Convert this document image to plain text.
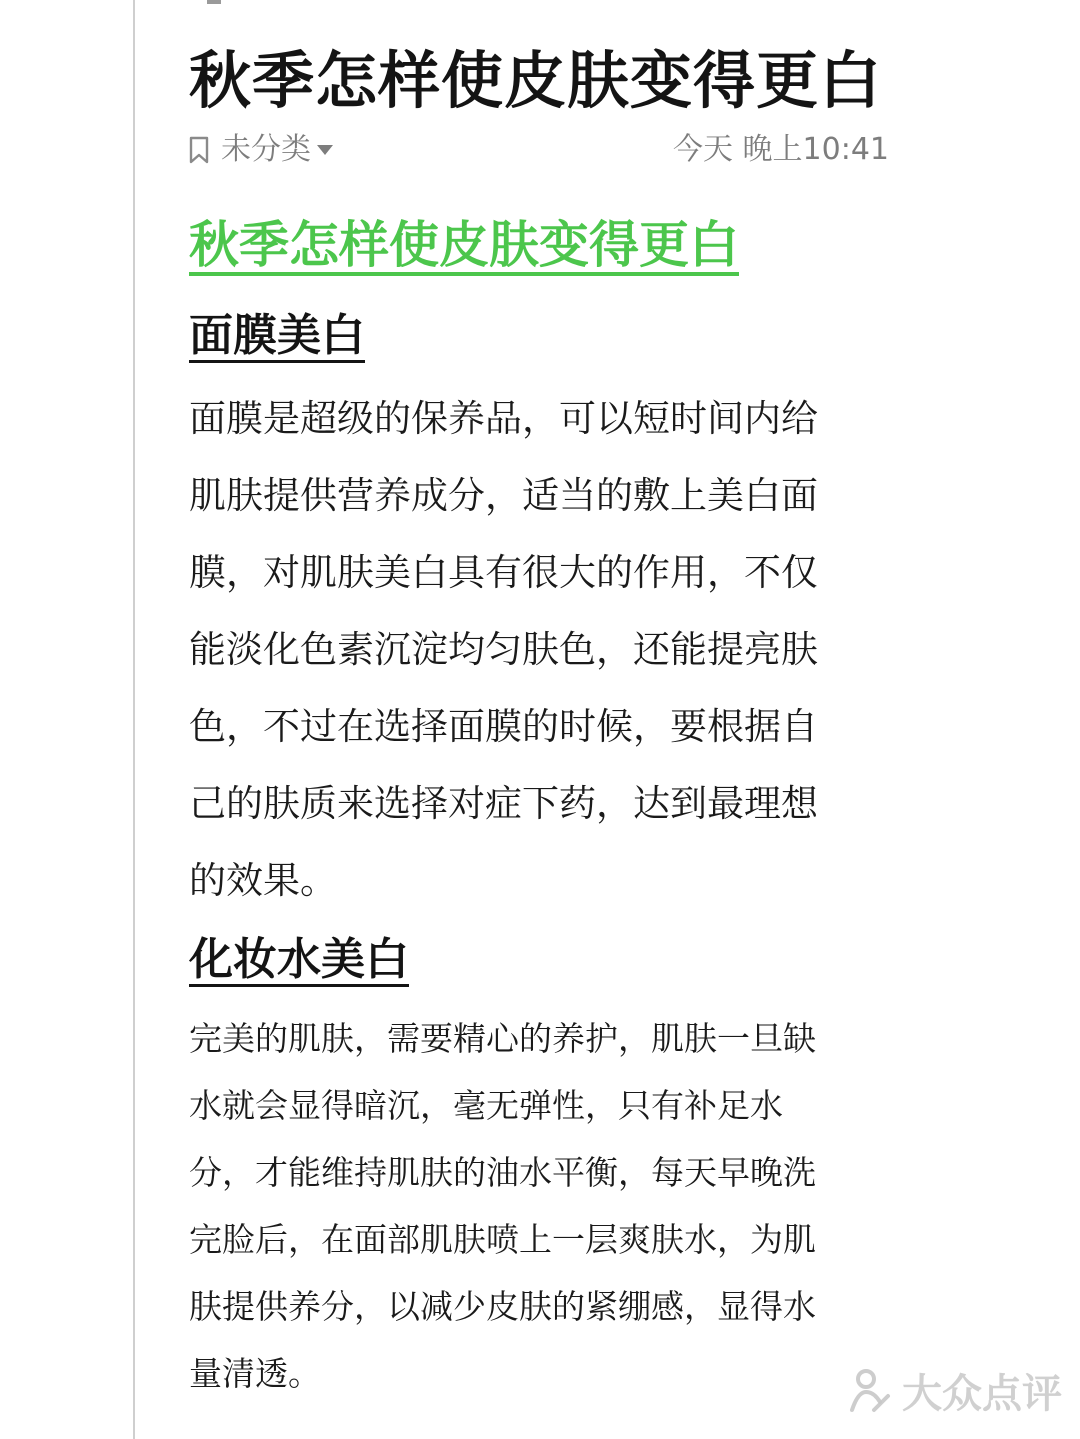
秋季怎样使皮肤变得更白
未分类	今天 晚上10:41
秋季怎样使皮肤变得更白
面膜美白
面膜是超级的保养品，可以短时间内给
肌肤提供营养成分，适当的敷上美白面
膜，对肌肤美白具有很大的作用，不仅
能淡化色素沉淀均匀肤色，还能提亮肤
色，不过在选择面膜的时候，要根据自
己的肤质来选择对症下药，达到最理想
的效果。
化妆水美白
完美的肌肤，需要精心的养护，肌肤一旦缺
水就会显得暗沉，毫无弹性，只有补足水
分，才能维持肌肤的油水平衡，每天早晚洗
完脸后，在面部肌肤喷上一层爽肤水，为肌
肤提供养分，以减少皮肤的紧绷感，显得水
量清透。	大众点评
